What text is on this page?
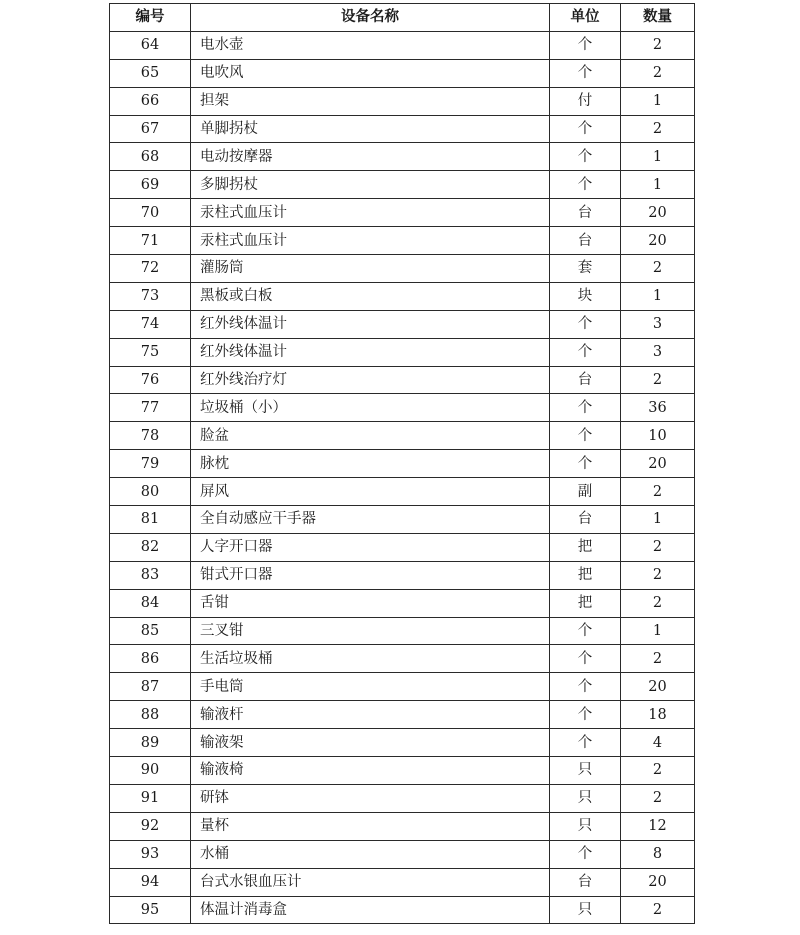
编号	设备名称	单位	数量
64	电水壶	个	2
65	电吹风	个	2
66	担架	付	1
67	单脚拐杖	个	2
68	电动按摩器	个	1
69	多脚拐杖	个	1
70	汞柱式血压计	台	20
71	汞柱式血压计	台	20
72	灌肠筒	套	2
73	黑板或白板	块	1
74	红外线体温计	个	3
75	红外线体温计	个	3
76	红外线治疗灯	台	2
77	垃圾桶（小）	个	36
78	脸盆	个	10
79	脉枕	个	20
80	屏风	副	2
81	全自动感应干手器	台	1
82	人字开口器	把	2
83	钳式开口器	把	2
84	舌钳	把	2
85	三叉钳	个	1
86	生活垃圾桶	个	2
87	手电筒	个	20
88	输液杆	个	18
89	输液架	个	4
90	输液椅	只	2
91	研钵	只	2
92	量杯	只	12
93	水桶	个	8
94	台式水银血压计	台	20
95	体温计消毒盒	只	2
